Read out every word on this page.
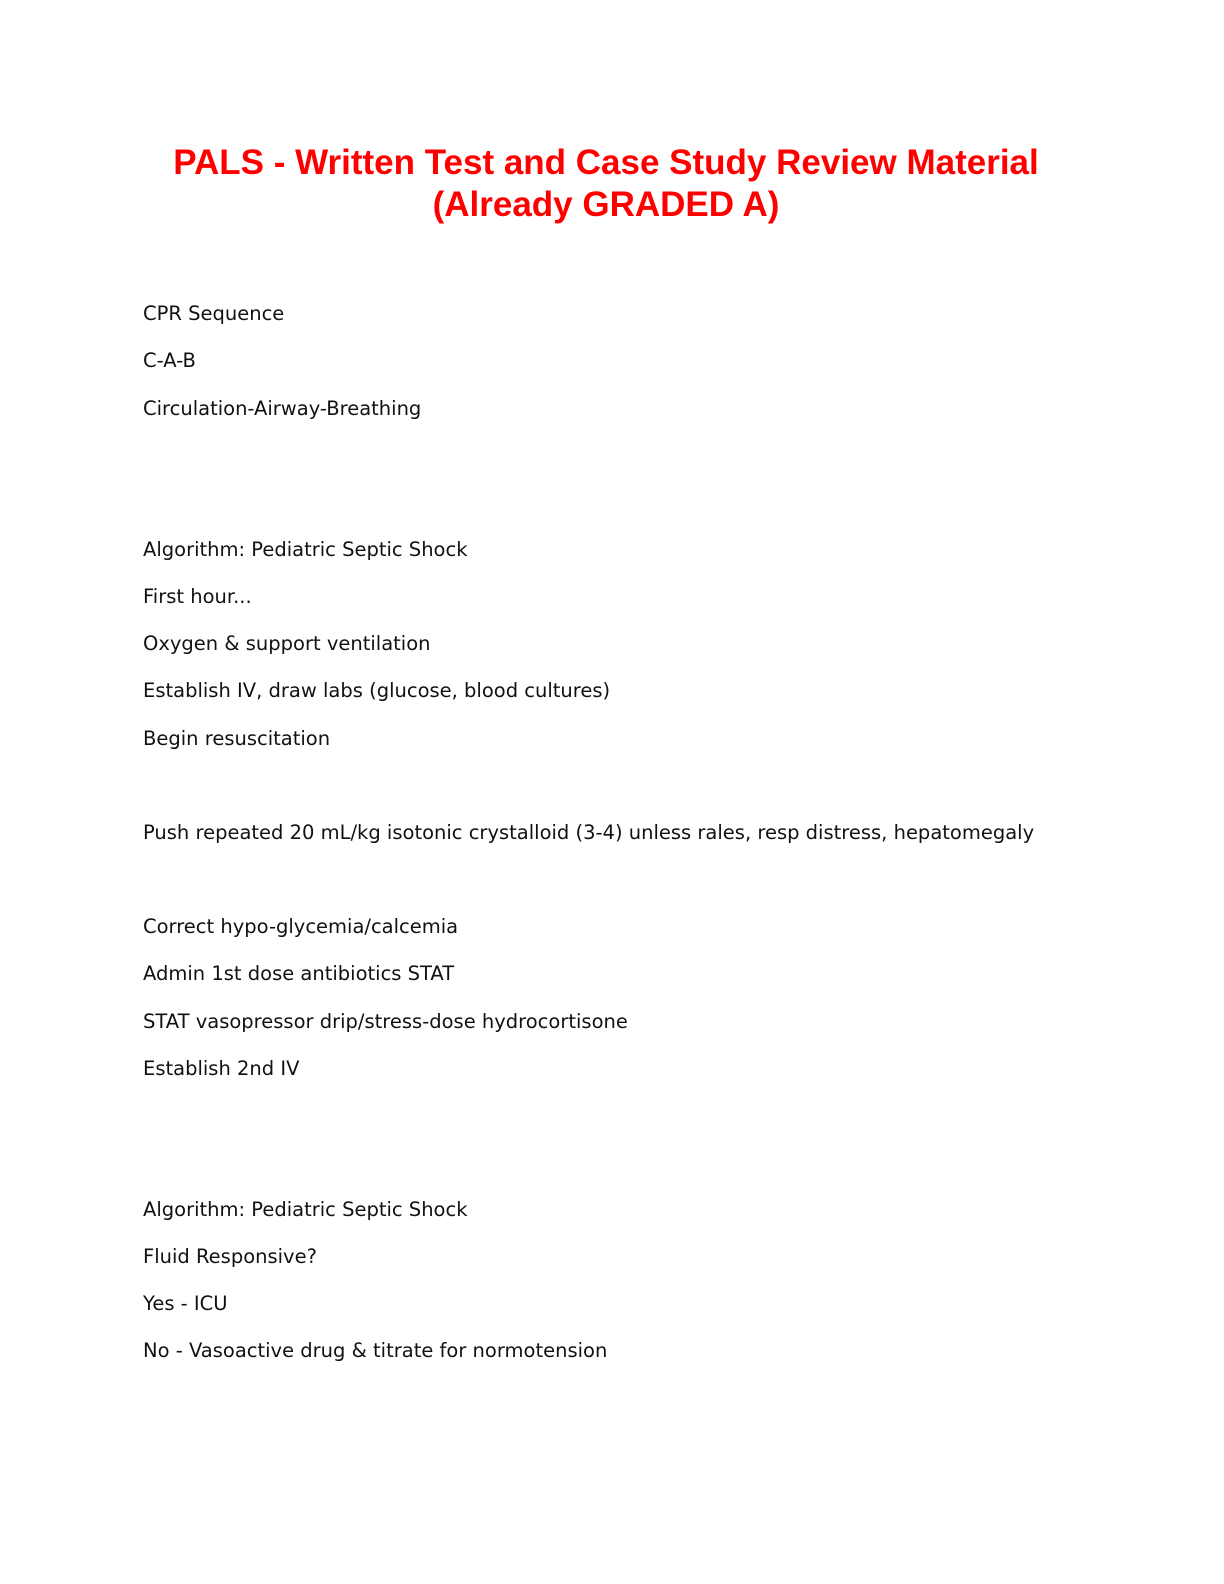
PALS - Written Test and Case Study Review Material
(Already GRADED A)
CPR Sequence
C-A-B
Circulation-Airway-Breathing
Algorithm: Pediatric Septic Shock
First hour...
Oxygen & support ventilation
Establish IV, draw labs (glucose, blood cultures)
Begin resuscitation
Push repeated 20 mL/kg isotonic crystalloid (3-4) unless rales, resp distress, hepatomegaly
Correct hypo-glycemia/calcemia
Admin 1st dose antibiotics STAT
STAT vasopressor drip/stress-dose hydrocortisone
Establish 2nd IV
Algorithm: Pediatric Septic Shock
Fluid Responsive?
Yes - ICU
No - Vasoactive drug & titrate for normotension
